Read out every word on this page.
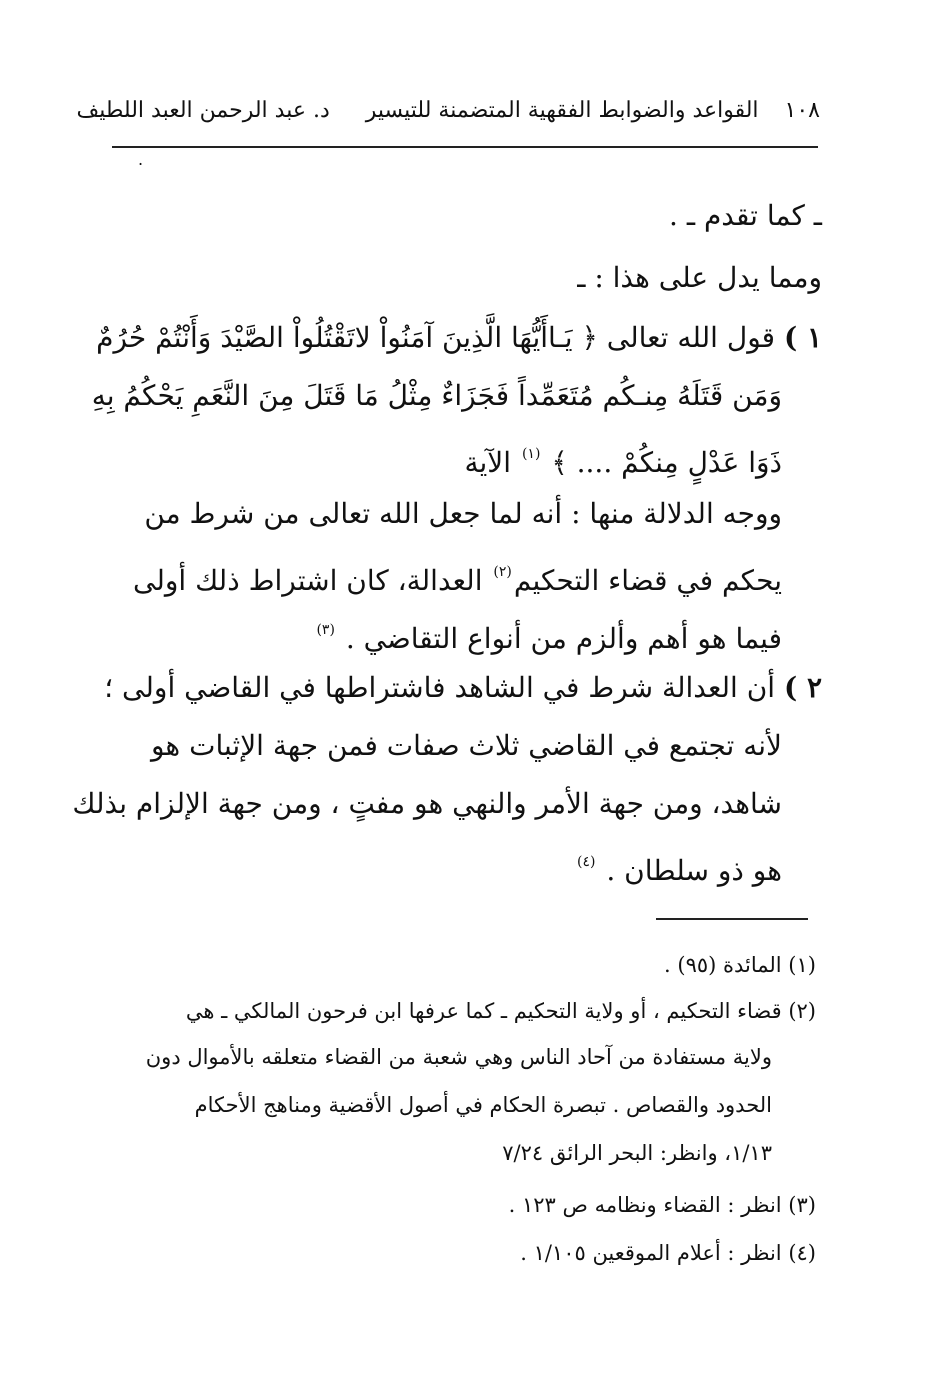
١٠٨
القواعد والضوابط الفقهية المتضمنة للتيسير
د. عبد الرحمن العبد اللطيف
.
ـ كما تقدم ـ .
ومما يدل على هذا : ـ
١ ) قول الله تعالى ﴿ يَـاأَيُّهَا الَّذِينَ آمَنُواْ لاتَقْتُلُواْ الصَّيْدَ وَأَنْتُمْ حُرُمٌ
وَمَن قَتَلَهُ مِنـكُم مُتَعَمِّداً فَجَزَاءٌ مِثْلُ مَا قَتَلَ مِنَ النَّعَمِ يَحْكُمُ بِهِ
ذَوَا عَدْلٍ مِنكُمْ .... ﴾ $^{(١)}$ الآية
ووجه الدلالة منها : أنه لما جعل الله تعالى من شرط من
يحكم في قضاء التحكيم$^{(٢)}$ العدالة، كان اشتراط ذلك أولى
فيما هو أهم وألزم من أنواع التقاضي . $^{(٣)}$
٢ ) أن العدالة شرط في الشاهد فاشتراطها في القاضي أولى ؛
لأنه تجتمع في القاضي ثلاث صفات فمن جهة الإثبات هو
شاهد، ومن جهة الأمر والنهي هو مفتٍ ، ومن جهة الإلزام بذلك
هو ذو سلطان . $^{(٤)}$
(١) المائدة (٩٥) .
(٢) قضاء التحكيم ، أو ولاية التحكيم ـ كما عرفها ابن فرحون المالكي ـ هي
ولاية مستفادة من آحاد الناس وهي شعبة من القضاء متعلقه بالأموال دون
الحدود والقصاص . تبصرة الحكام في أصول الأقضية ومناهج الأحكام
١/١٣، وانظر: البحر الرائق ٧/٢٤
(٣) انظر : القضاء ونظامه ص ١٢٣ .
(٤) انظر : أعلام الموقعين ١/١٠٥ .
